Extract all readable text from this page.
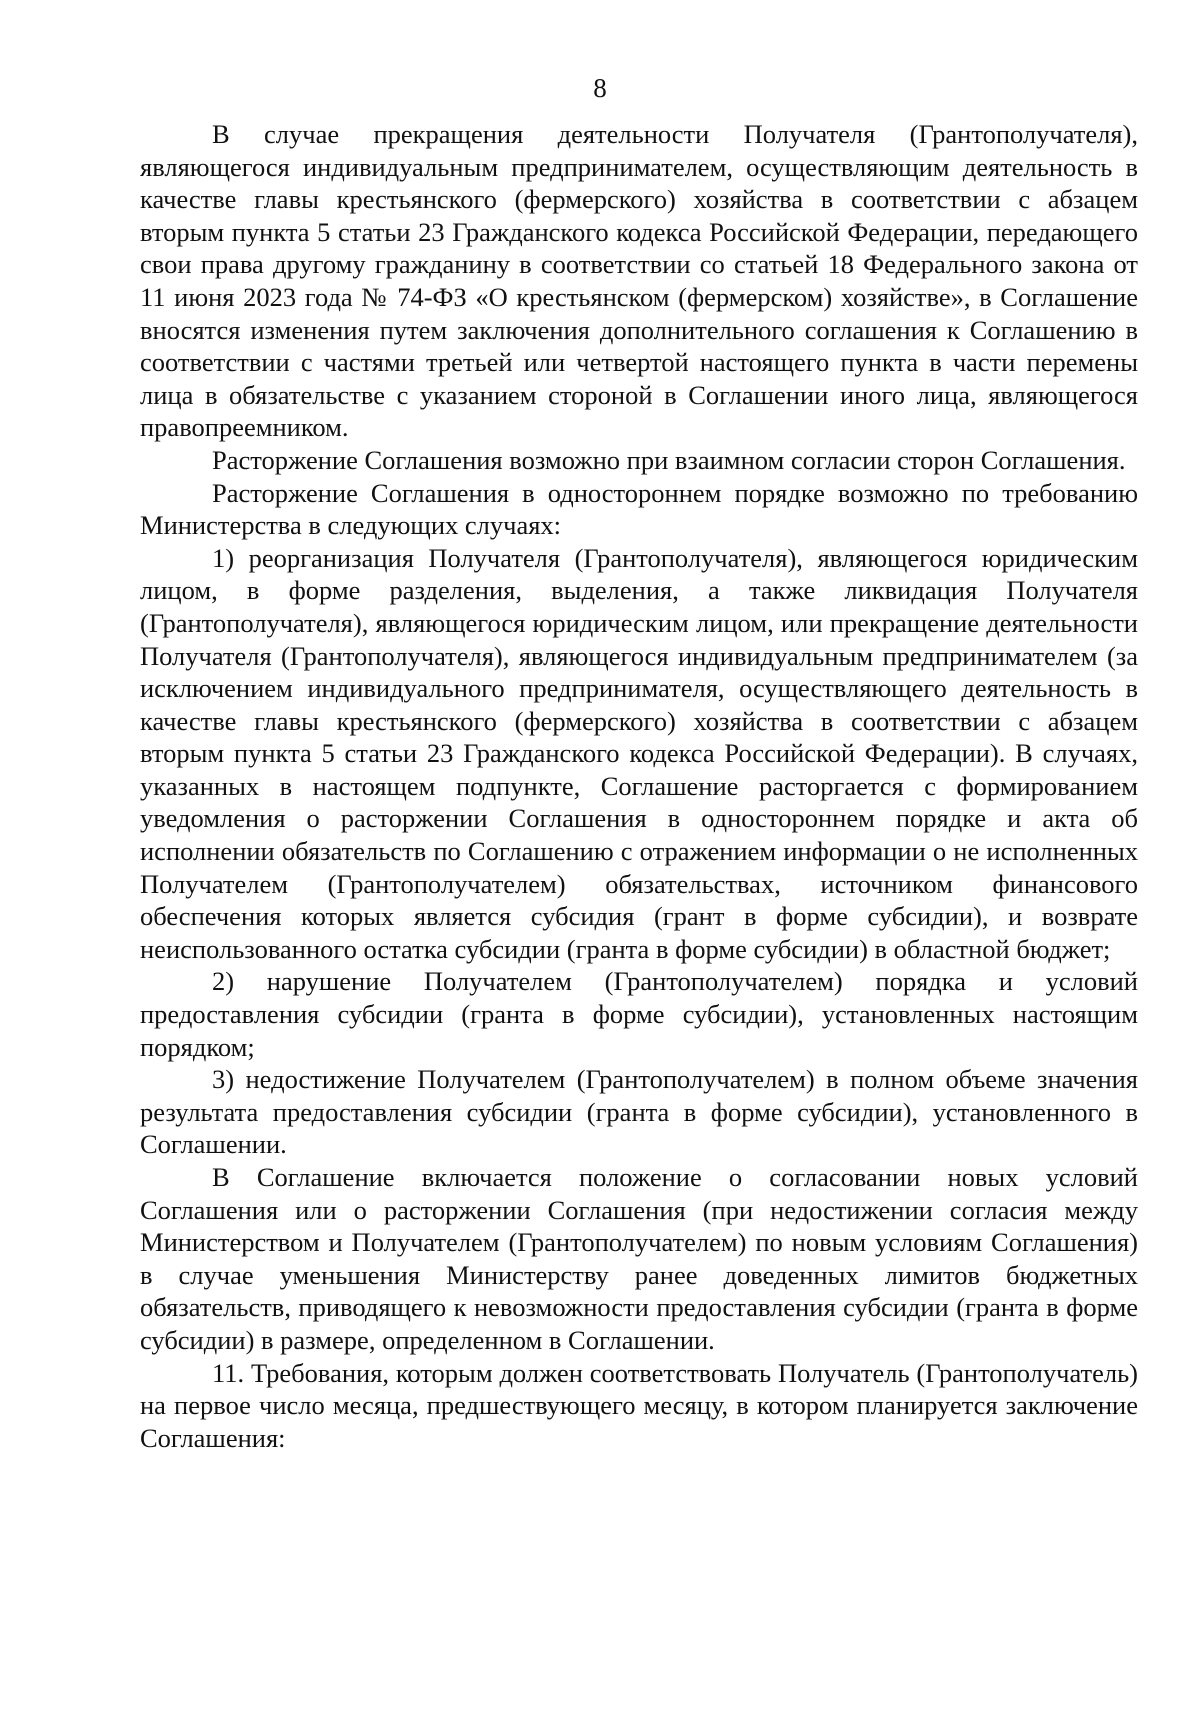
8

В случае прекращения деятельности Получателя (Грантополучателя), являющегося индивидуальным предпринимателем, осуществляющим деятельность в качестве главы крестьянского (фермерского) хозяйства в соответствии с абзацем вторым пункта 5 статьи 23 Гражданского кодекса Российской Федерации, передающего свои права другому гражданину в соответствии со статьей 18 Федерального закона от 11 июня 2023 года № 74-ФЗ «О крестьянском (фермерском) хозяйстве», в Соглашение вносятся изменения путем заключения дополнительного соглашения к Соглашению в соответствии с частями третьей или четвертой настоящего пункта в части перемены лица в обязательстве с указанием стороной в Соглашении иного лица, являющегося правопреемником.

Расторжение Соглашения возможно при взаимном согласии сторон Соглашения.

Расторжение Соглашения в одностороннем порядке возможно по требованию Министерства в следующих случаях:

1) реорганизация Получателя (Грантополучателя), являющегося юридическим лицом, в форме разделения, выделения, а также ликвидация Получателя (Грантополучателя), являющегося юридическим лицом, или прекращение деятельности Получателя (Грантополучателя), являющегося индивидуальным предпринимателем (за исключением индивидуального предпринимателя, осуществляющего деятельность в качестве главы крестьянского (фермерского) хозяйства в соответствии с абзацем вторым пункта 5 статьи 23 Гражданского кодекса Российской Федерации). В случаях, указанных в настоящем подпункте, Соглашение расторгается с формированием уведомления о расторжении Соглашения в одностороннем порядке и акта об исполнении обязательств по Соглашению с отражением информации о не исполненных Получателем (Грантополучателем) обязательствах, источником финансового обеспечения которых является субсидия (грант в форме субсидии), и возврате неиспользованного остатка субсидии (гранта в форме субсидии) в областной бюджет;

2) нарушение Получателем (Грантополучателем) порядка и условий предоставления субсидии (гранта в форме субсидии), установленных настоящим порядком;

3) недостижение Получателем (Грантополучателем) в полном объеме значения результата предоставления субсидии (гранта в форме субсидии), установленного в Соглашении.

В Соглашение включается положение о согласовании новых условий Соглашения или о расторжении Соглашения (при недостижении согласия между Министерством и Получателем (Грантополучателем) по новым условиям Соглашения) в случае уменьшения Министерству ранее доведенных лимитов бюджетных обязательств, приводящего к невозможности предоставления субсидии (гранта в форме субсидии) в размере, определенном в Соглашении.

11. Требования, которым должен соответствовать Получатель (Грантополучатель) на первое число месяца, предшествующего месяцу, в котором планируется заключение Соглашения:
